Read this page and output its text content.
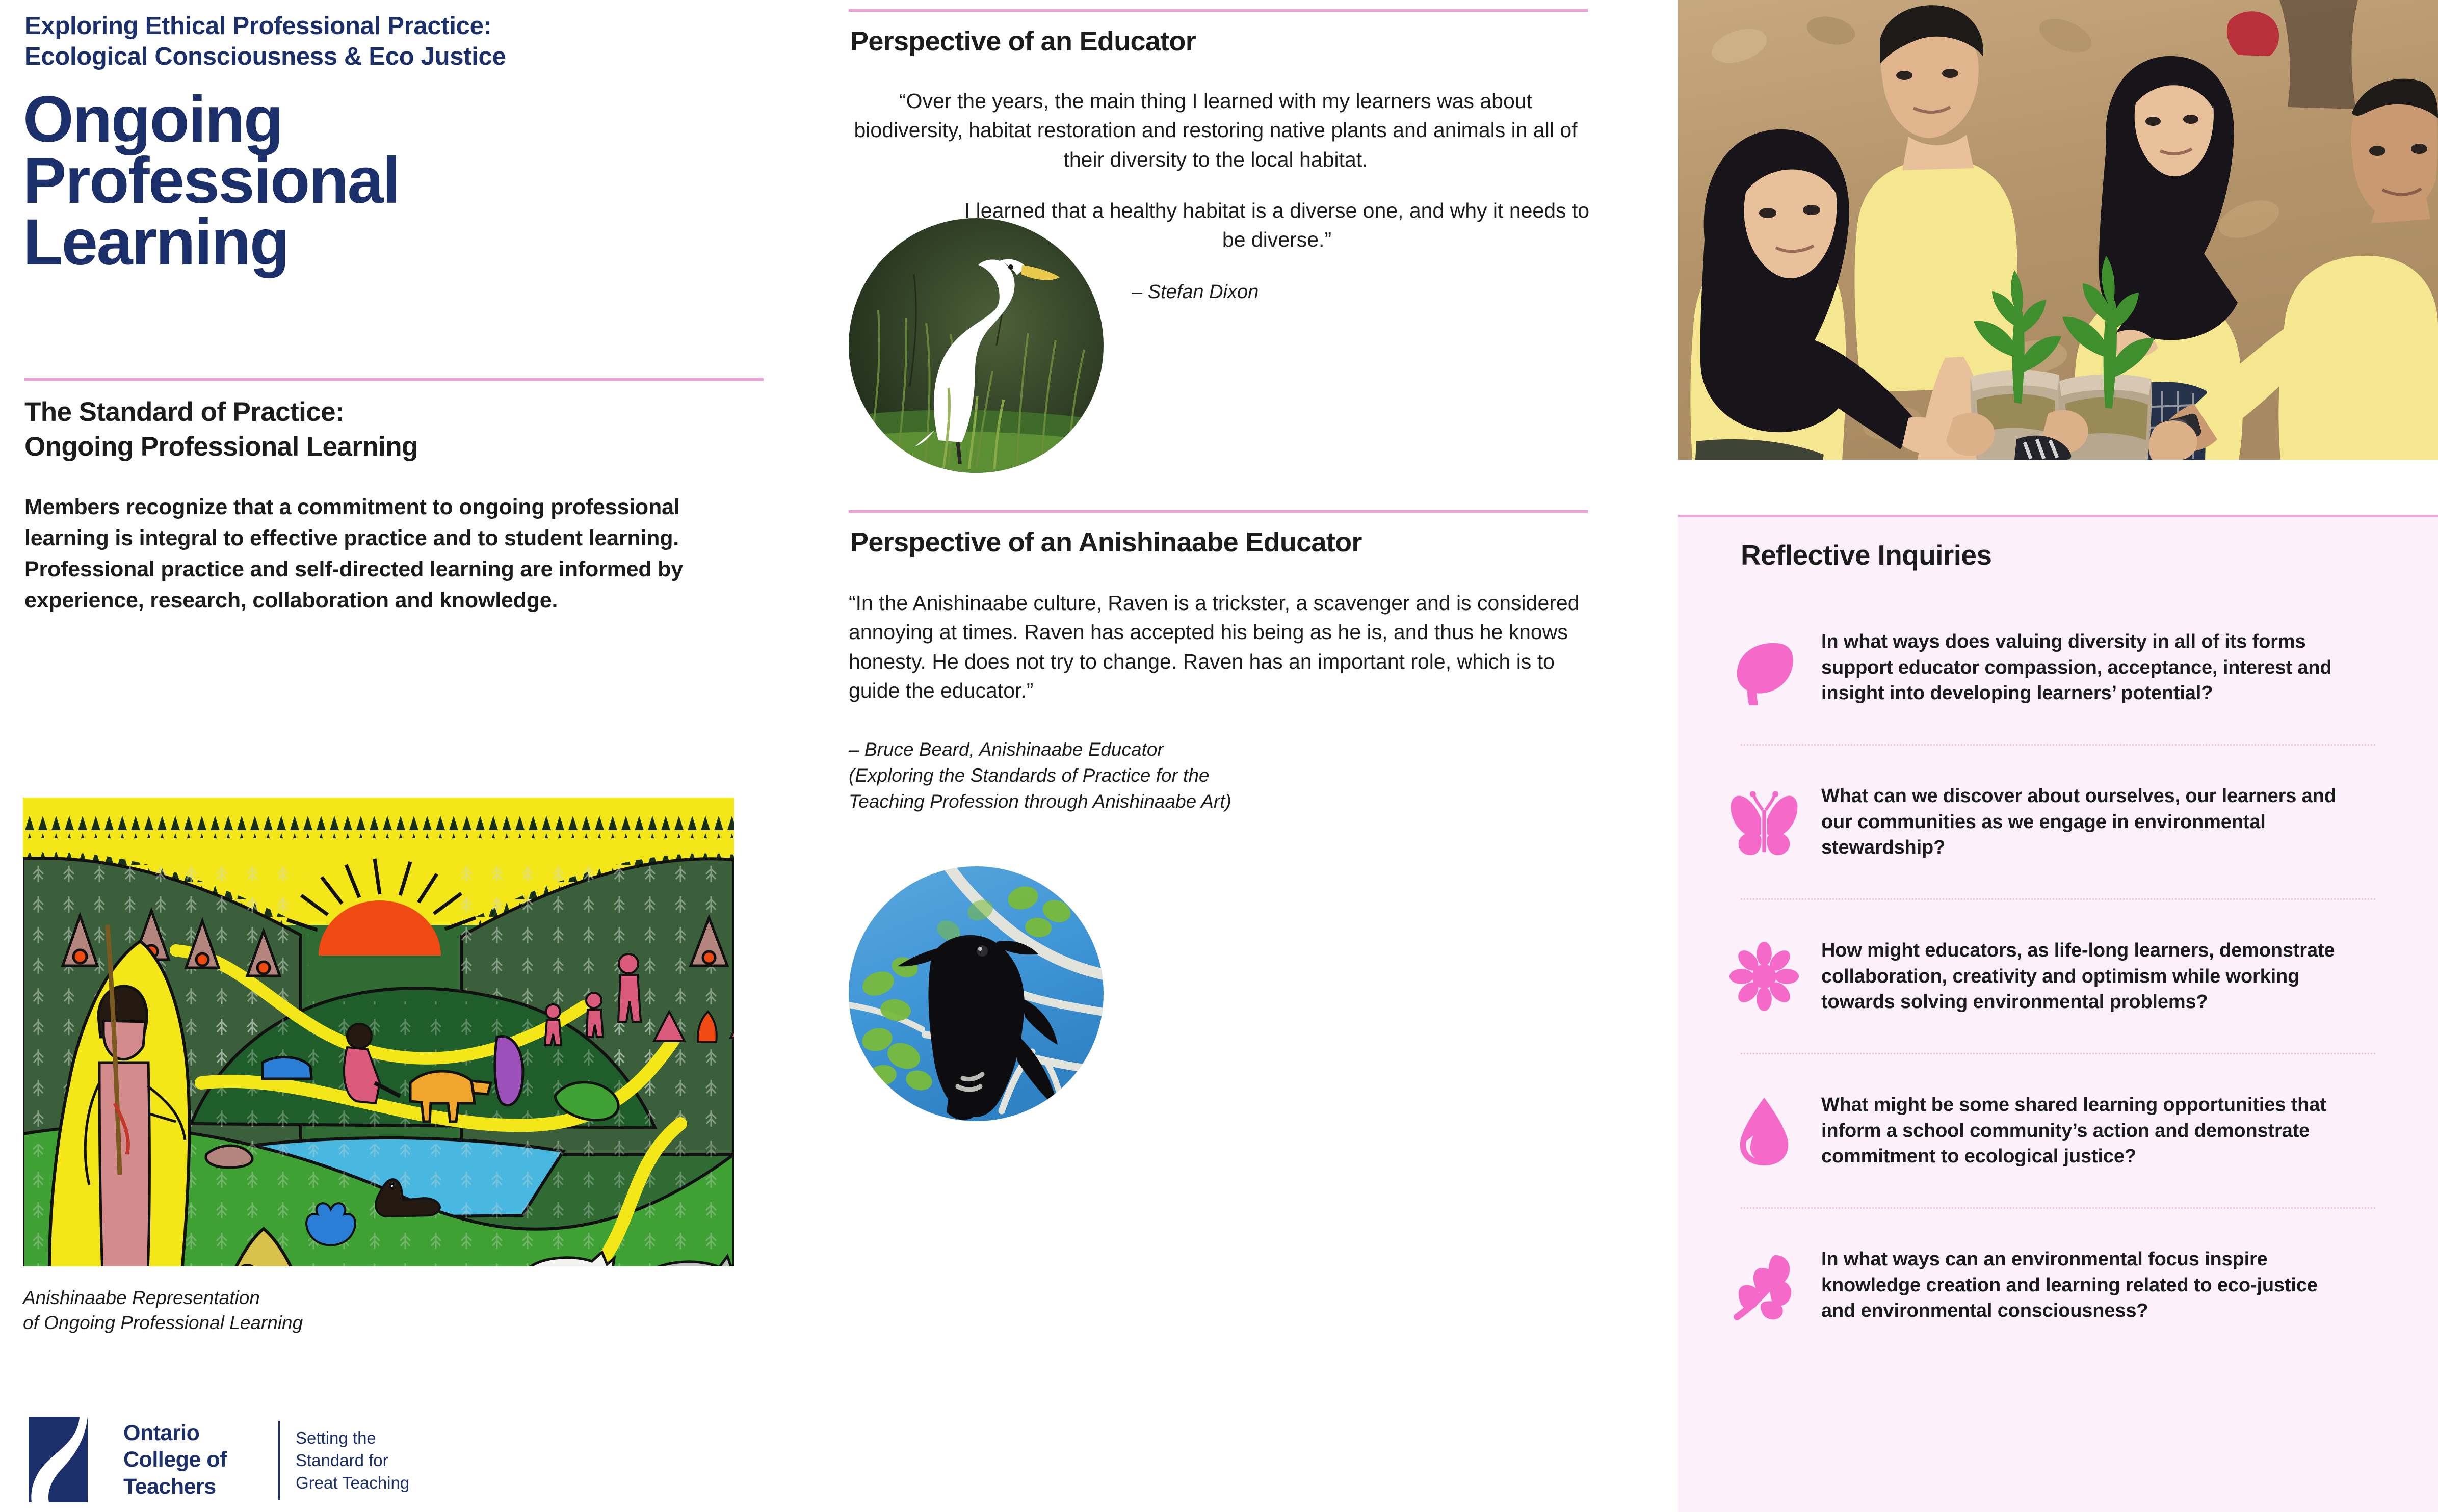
Exploring Ethical Professional Practice:
Ecological Consciousness & Eco Justice
Ongoing
Professional
Learning
The Standard of Practice:
Ongoing Professional Learning
Members recognize that a commitment to ongoing professional learning is integral to effective practice and to student learning. Professional practice and self-directed learning are informed by experience, research, collaboration and knowledge.
Anishinaabe Representation
of Ongoing Professional Learning
Ontario
College of
Teachers
Setting the
Standard for
Great Teaching
Perspective of an Educator
“Over the years, the main thing I learned with my learners was about biodiversity, habitat restoration and restoring native plants and animals in all of their diversity to the local habitat.
I learned that a healthy habitat is a diverse one, and why it needs to be diverse.”
– Stefan Dixon
Perspective of an Anishinaabe Educator
“In the Anishinaabe culture, Raven is a trickster, a scavenger and is considered annoying at times. Raven has accepted his being as he is, and thus he knows honesty. He does not try to change. Raven has an important role, which is to guide the educator.”
– Bruce Beard, Anishinaabe Educator
(Exploring the Standards of Practice for the
Teaching Profession through Anishinaabe Art)
Reflective Inquiries
In what ways does valuing diversity in all of its forms support educator compassion, acceptance, interest and insight into developing learners’ potential?
What can we discover about ourselves, our learners and our communities as we engage in environmental stewardship?
How might educators, as life-long learners, demonstrate collaboration, creativity and optimism while working towards solving environmental problems?
What might be some shared learning opportunities that inform a school community’s action and demonstrate commitment to ecological justice?
In what ways can an environmental focus inspire knowledge creation and learning related to eco-justice and environmental consciousness?
